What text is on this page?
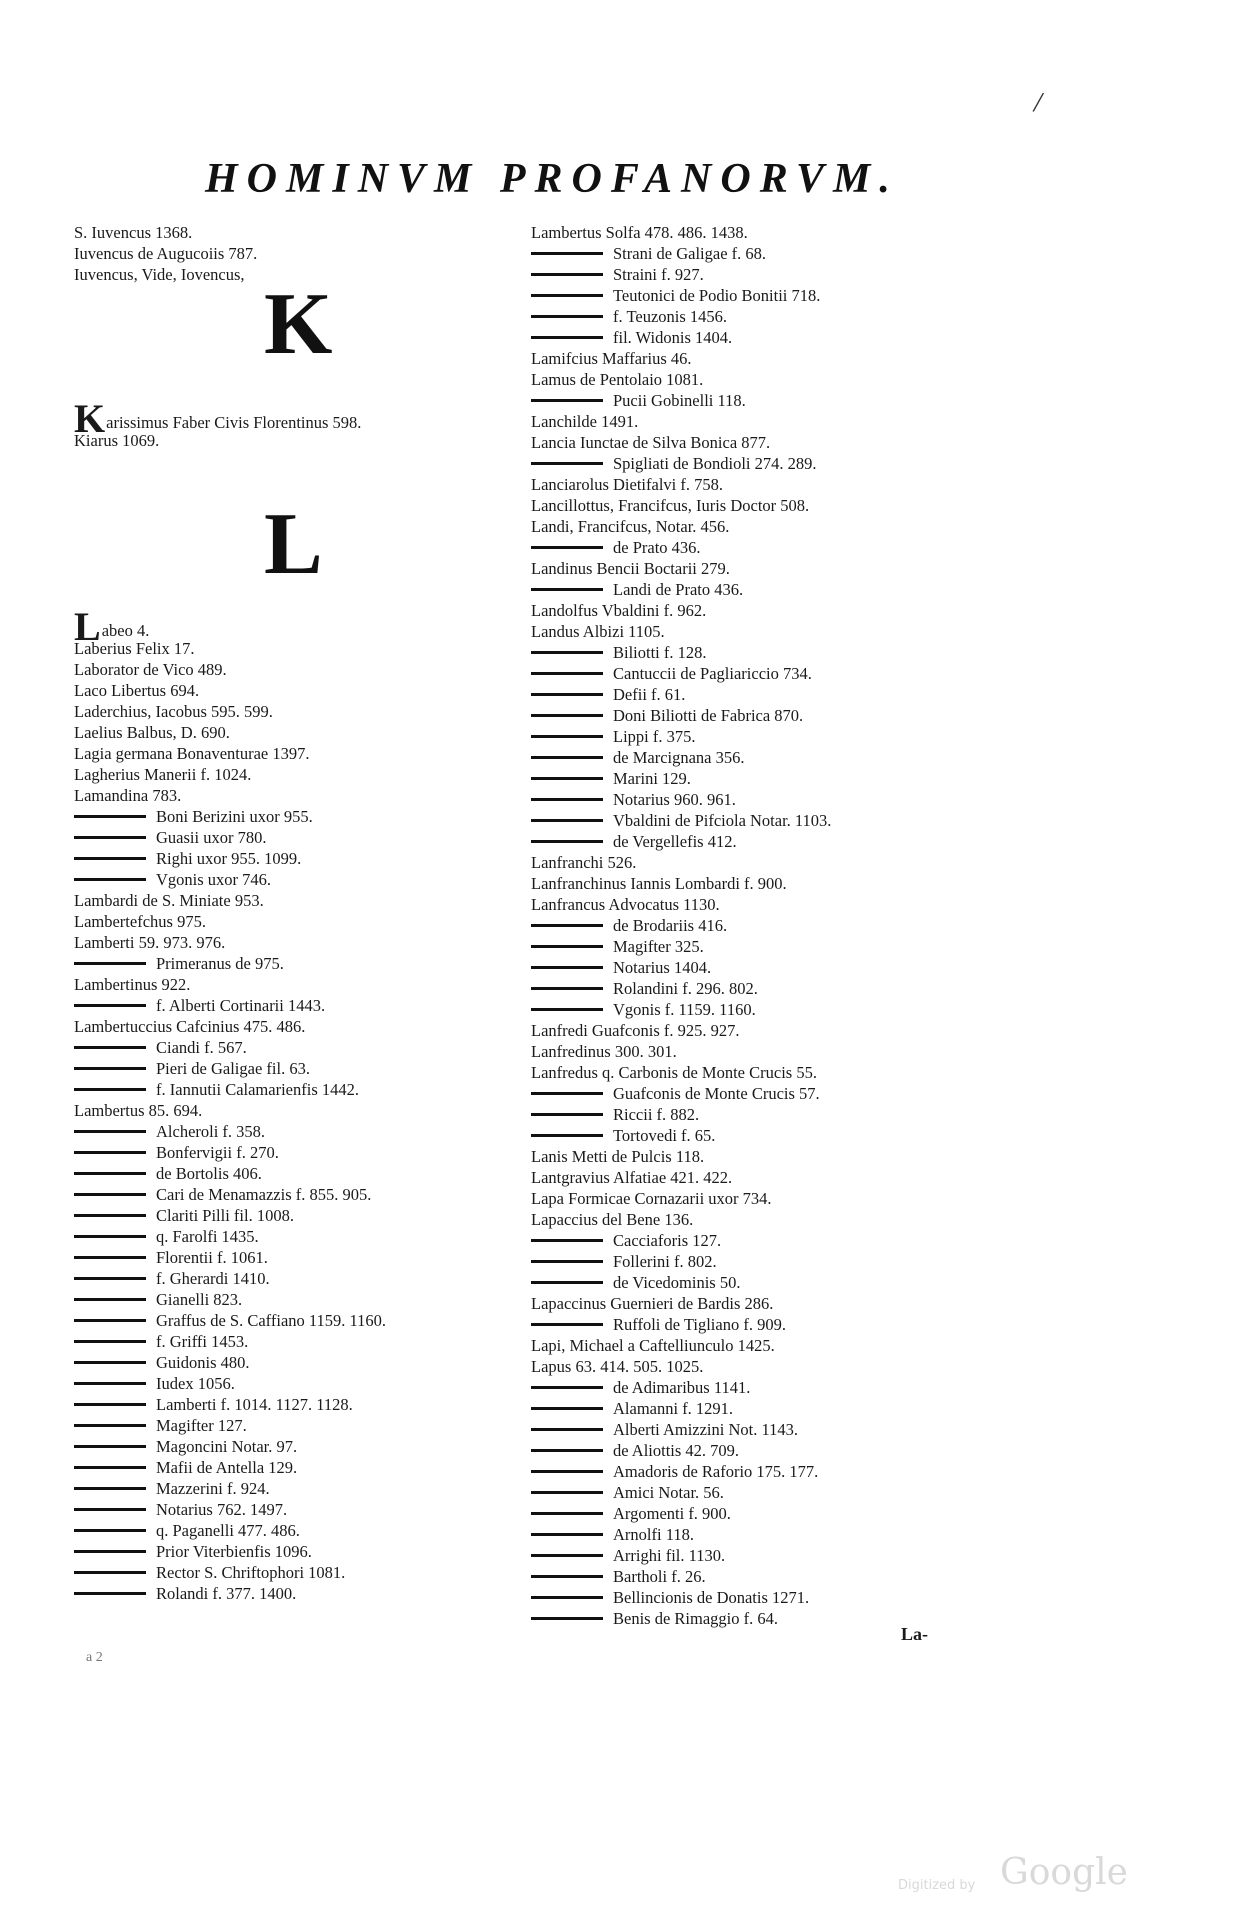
/
HOMINVM PROFANORVM.
S. Iuvencus 1368.
Iuvencus de Augucoiis 787.
Iuvencus, Vide, Iovencus,
K
Karissimus Faber Civis Florentinus 598.
Kiarus 1069.
L
Labeo 4.
Laberius Felix 17.
Laborator de Vico 489.
Laco Libertus 694.
Laderchius, Iacobus 595. 599.
Laelius Balbus, D. 690.
Lagia germana Bonaventurae 1397.
Lagherius Manerii f. 1024.
Lamandina 783.
Boni Berizini uxor 955.
Guasii uxor 780.
Righi uxor 955. 1099.
Vgonis uxor 746.
Lambardi de S. Miniate 953.
Lambertefchus 975.
Lamberti 59. 973. 976.
Primeranus de 975.
Lambertinus 922.
f. Alberti Cortinarii 1443.
Lambertuccius Cafcinius 475. 486.
Ciandi f. 567.
Pieri de Galigae fil. 63.
f. Iannutii Calamarienfis 1442.
Lambertus 85. 694.
Alcheroli f. 358.
Bonfervigii f. 270.
de Bortolis 406.
Cari de Menamazzis f. 855. 905.
Clariti Pilli fil. 1008.
q. Farolfi 1435.
Florentii f. 1061.
f. Gherardi 1410.
Gianelli 823.
Graffus de S. Caffiano 1159. 1160.
f. Griffi 1453.
Guidonis 480.
Iudex 1056.
Lamberti f. 1014. 1127. 1128.
Magifter 127.
Magoncini Notar. 97.
Mafii de Antella 129.
Mazzerini f. 924.
Notarius 762. 1497.
q. Paganelli 477. 486.
Prior Viterbienfis 1096.
Rector S. Chriftophori 1081.
Rolandi f. 377. 1400.
Lambertus Solfa 478. 486. 1438.
Strani de Galigae f. 68.
Straini f. 927.
Teutonici de Podio Bonitii 718.
f. Teuzonis 1456.
fil. Widonis 1404.
Lamifcius Maffarius 46.
Lamus de Pentolaio 1081.
Pucii Gobinelli 118.
Lanchilde 1491.
Lancia Iunctae de Silva Bonica 877.
Spigliati de Bondioli 274. 289.
Lanciarolus Dietifalvi f. 758.
Lancillottus, Francifcus, Iuris Doctor 508.
Landi, Francifcus, Notar. 456.
de Prato 436.
Landinus Bencii Boctarii 279.
Landi de Prato 436.
Landolfus Vbaldini f. 962.
Landus Albizi 1105.
Biliotti f. 128.
Cantuccii de Pagliariccio 734.
Defii f. 61.
Doni Biliotti de Fabrica 870.
Lippi f. 375.
de Marcignana 356.
Marini 129.
Notarius 960. 961.
Vbaldini de Pifciola Notar. 1103.
de Vergellefis 412.
Lanfranchi 526.
Lanfranchinus Iannis Lombardi f. 900.
Lanfrancus Advocatus 1130.
de Brodariis 416.
Magifter 325.
Notarius 1404.
Rolandini f. 296. 802.
Vgonis f. 1159. 1160.
Lanfredi Guafconis f. 925. 927.
Lanfredinus 300. 301.
Lanfredus q. Carbonis de Monte Crucis 55.
Guafconis de Monte Crucis 57.
Riccii f. 882.
Tortovedi f. 65.
Lanis Metti de Pulcis 118.
Lantgravius Alfatiae 421. 422.
Lapa Formicae Cornazarii uxor 734.
Lapaccius del Bene 136.
Cacciaforis 127.
Follerini f. 802.
de Vicedominis 50.
Lapaccinus Guernieri de Bardis 286.
Ruffoli de Tigliano f. 909.
Lapi, Michael a Caftelliunculo 1425.
Lapus 63. 414. 505. 1025.
de Adimaribus 1141.
Alamanni f. 1291.
Alberti Amizzini Not. 1143.
de Aliottis 42. 709.
Amadoris de Raforio 175. 177.
Amici Notar. 56.
Argomenti f. 900.
Arnolfi 118.
Arrighi fil. 1130.
Bartholi f. 26.
Bellincionis de Donatis 1271.
Benis de Rimaggio f. 64.
La-
a 2
Digitized by Google
